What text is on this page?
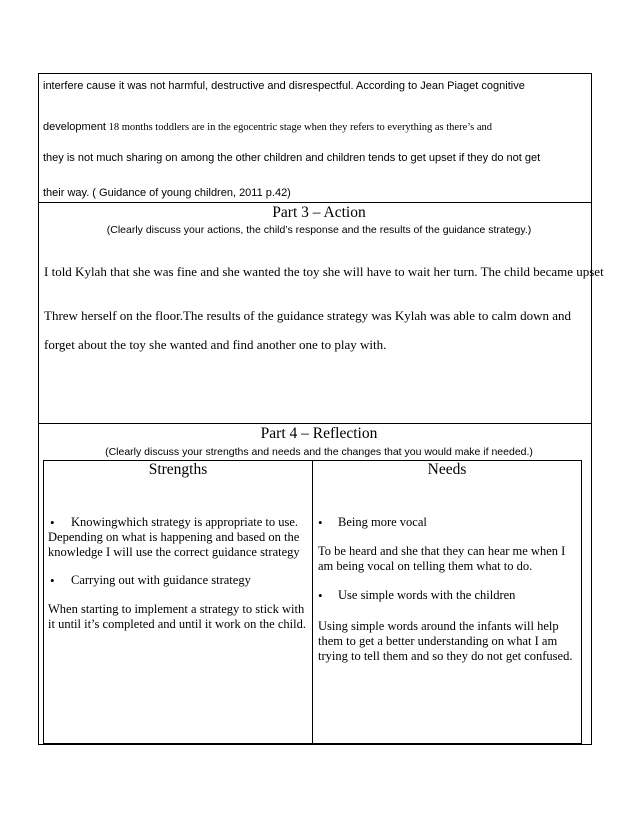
interfere cause it was not harmful, destructive and disrespectful. According to Jean Piaget cognitive
development 18 months toddlers are in the egocentric stage when they refers to everything as there’s and
they is not much sharing on among the other children and children tends to get upset if they do not get
their way. ( Guidance of young children, 2011 p.42)
Part 3 – Action
(Clearly discuss your actions, the child’s response and the results of the guidance strategy.)
I told Kylah that she was fine and she wanted the toy she will have to wait her turn. The child became upset
Threw herself on the floor.The results of the guidance strategy was Kylah was able to calm down and
forget about the toy she wanted and find another one to play with.
Part 4 – Reflection
(Clearly discuss your strengths and needs and the changes that you would make if needed.)
Strengths
• Knowingwhich strategy is appropriate to use.
Depending on what is happening and based on the knowledge I will use the correct guidance strategy
• Carrying out with guidance strategy
When starting to implement a strategy to stick with it until it’s completed and until it work on the child.
Needs
• Being more vocal
To be heard and she that they can hear me when I am being vocal on telling them what to do.
• Use simple words with the children
Using simple words around the infants will help them to get a better understanding on what I am trying to tell them and so they do not get confused.
